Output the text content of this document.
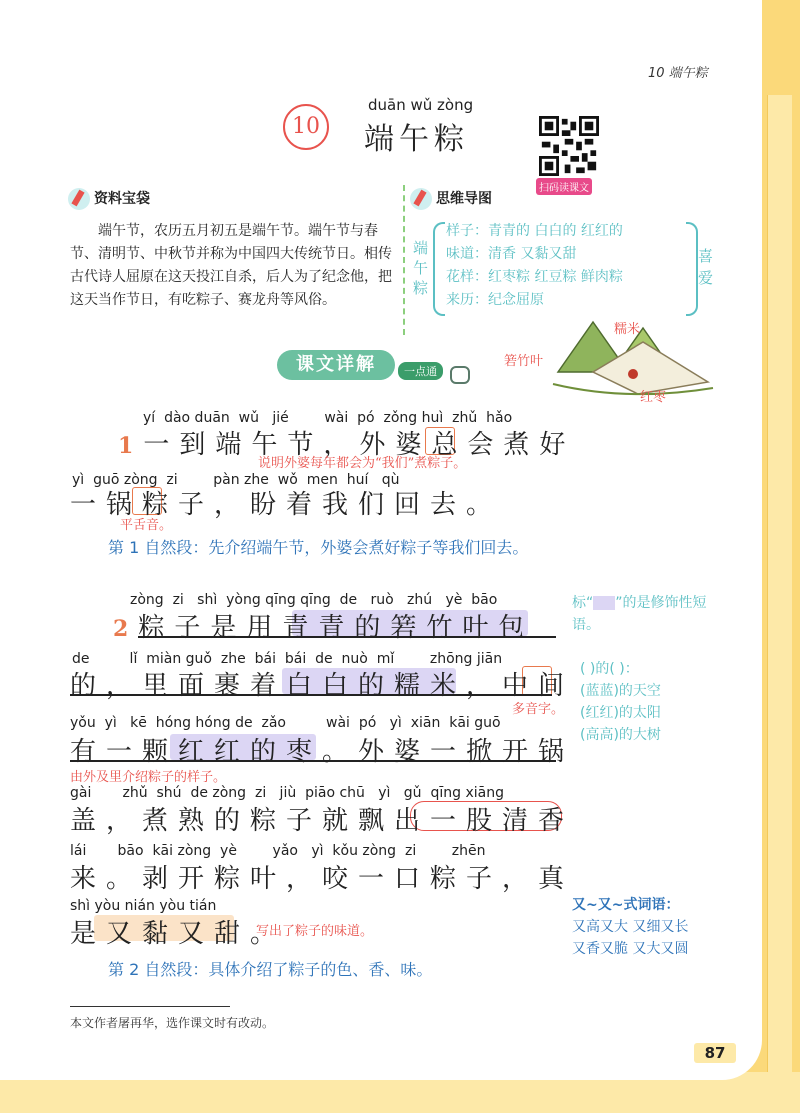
10 端午粽
10
duān wǔ zòng
端午粽
扫码读课文
资料宝袋
端午节，农历五月初五是端午节。端午节与春节、清明节、中秋节并称为中国四大传统节日。相传古代诗人屈原在这天投江自杀，后人为了纪念他，把这天当作节日，有吃粽子、赛龙舟等风俗。
思维导图
端午粽
样子：青青的 白白的 红红的
味道：清香 又黏又甜
花样：红枣粽 红豆粽 鲜肉粽
来历：纪念屈原
喜爱
课文详解	一点通
糯米
箬竹叶
红枣
yí  dào duān  wǔ   jié        wài  pó  zǒng huì  zhǔ  hǎo
1一到端午节，外婆总会煮好
说明外婆每年都会为“我们”煮粽子。
yì  guō zòng  zi        pàn zhe  wǒ  men  huí   qù
一锅粽子，盼着我们回去。
平舌音。
第 1 自然段：先介绍端午节，外婆会煮好粽子等我们回去。
zòng  zi   shì  yòng qīng qīng  de   ruò   zhú   yè  bāo
2粽子是用青青的箬竹叶包
de         lǐ  miàn guǒ  zhe  bái  bái  de  nuò  mǐ        zhōng jiān
的，里面裹着白白的糯米，中间
多音字。
yǒu  yì   kē  hóng hóng de  zǎo         wài  pó   yì  xiān  kāi guō
有一颗红红的枣。外婆一掀开锅
由外及里介绍粽子的样子。
gài       zhǔ  shú  de zòng  zi   jiù  piāo chū   yì   gǔ  qīng xiāng
盖，煮熟的粽子就飘出一股清香
lái       bāo  kāi zòng  yè        yǎo   yì  kǒu zòng  zi        zhēn
来。剥开粽叶，咬一口粽子，真
shì yòu nián yòu tián
是又黏又甜。
写出了粽子的味道。
第 2 自然段：具体介绍了粽子的色、香、味。
标“ ”的是修饰性短语。
( )的( )：
(蓝蓝)的天空
(红红)的太阳
(高高)的大树
又~又~式词语：
又高又大 又细又长
又香又脆 又大又圆
本文作者屠再华，选作课文时有改动。
87
